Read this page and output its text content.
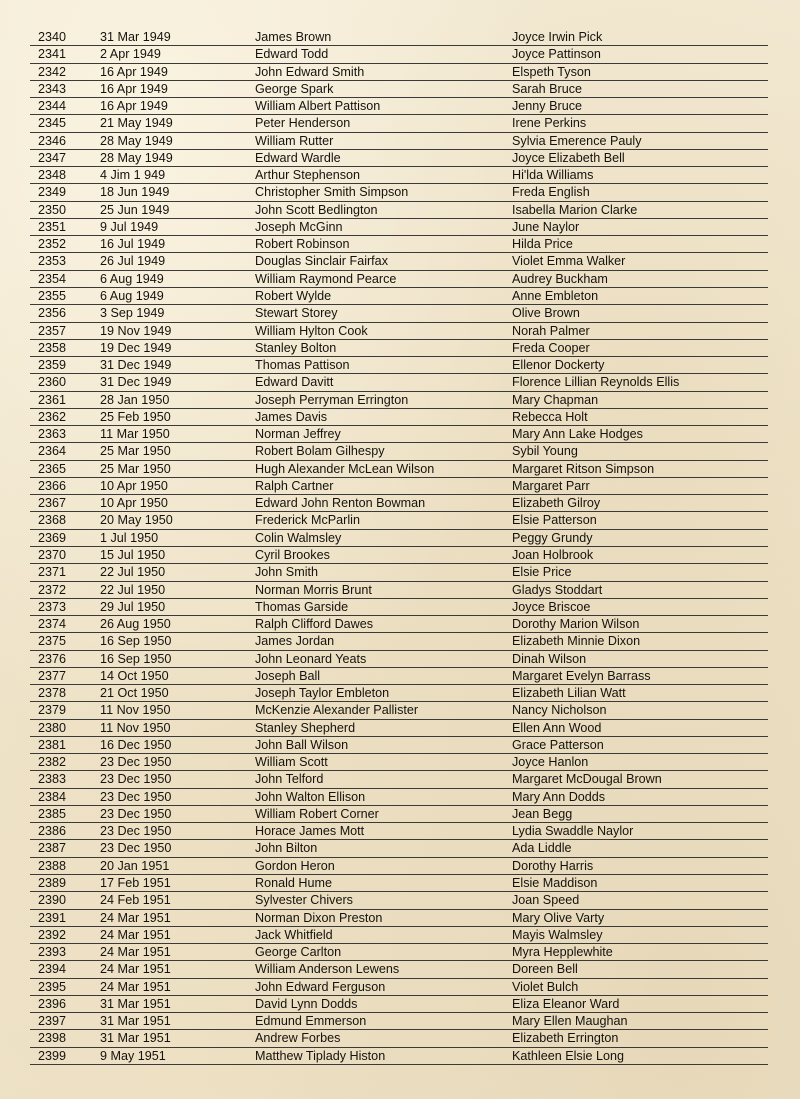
2340	31 Mar 1949	James Brown	Joyce Irwin Pick
2341	2 Apr 1949	Edward Todd	Joyce Pattinson
2342	16 Apr 1949	John Edward Smith	Elspeth Tyson
2343	16 Apr 1949	George Spark	Sarah Bruce
2344	16 Apr 1949	William Albert Pattison	Jenny Bruce
2345	21 May 1949	Peter Henderson	Irene Perkins
2346	28 May 1949	William Rutter	Sylvia Emerence Pauly
2347	28 May 1949	Edward Wardle	Joyce Elizabeth Bell
2348	4 Jim 1 949	Arthur Stephenson	Hi'lda Williams
2349	18 Jun 1949	Christopher Smith Simpson	Freda English
2350	25 Jun 1949	John Scott Bedlington	Isabella Marion Clarke
2351	9 Jul 1949	Joseph McGinn	June Naylor
2352	16 Jul 1949	Robert Robinson	Hilda Price
2353	26 Jul 1949	Douglas Sinclair Fairfax	Violet Emma Walker
2354	6 Aug 1949	William Raymond Pearce	Audrey Buckham
2355	6 Aug 1949	Robert Wylde	Anne Embleton
2356	3 Sep 1949	Stewart Storey	Olive Brown
2357	19 Nov 1949	William Hylton Cook	Norah Palmer
2358	19 Dec 1949	Stanley Bolton	Freda Cooper
2359	31 Dec 1949	Thomas Pattison	Ellenor Dockerty
2360	31 Dec 1949	Edward Davitt	Florence Lillian Reynolds Ellis
2361	28 Jan 1950	Joseph Perryman Errington	Mary Chapman
2362	25 Feb 1950	James Davis	Rebecca Holt
2363	11 Mar 1950	Norman Jeffrey	Mary Ann Lake Hodges
2364	25 Mar 1950	Robert Bolam Gilhespy	Sybil Young
2365	25 Mar 1950	Hugh Alexander McLean Wilson	Margaret Ritson Simpson
2366	10 Apr 1950	Ralph Cartner	Margaret Parr
2367	10 Apr 1950	Edward John Renton Bowman	Elizabeth Gilroy
2368	20 May 1950	Frederick McParlin	Elsie Patterson
2369	1 Jul 1950	Colin Walmsley	Peggy Grundy
2370	15 Jul 1950	Cyril Brookes	Joan Holbrook
2371	22 Jul 1950	John Smith	Elsie Price
2372	22 Jul 1950	Norman Morris Brunt	Gladys Stoddart
2373	29 Jul 1950	Thomas Garside	Joyce Briscoe
2374	26 Aug 1950	Ralph Clifford Dawes	Dorothy Marion Wilson
2375	16 Sep 1950	James Jordan	Elizabeth Minnie Dixon
2376	16 Sep 1950	John Leonard Yeats	Dinah Wilson
2377	14 Oct 1950	Joseph Ball	Margaret Evelyn Barrass
2378	21 Oct 1950	Joseph Taylor Embleton	Elizabeth Lilian Watt
2379	11 Nov 1950	McKenzie Alexander Pallister	Nancy Nicholson
2380	11 Nov 1950	Stanley Shepherd	Ellen Ann Wood
2381	16 Dec 1950	John Ball Wilson	Grace Patterson
2382	23 Dec 1950	William Scott	Joyce Hanlon
2383	23 Dec 1950	John Telford	Margaret McDougal Brown
2384	23 Dec 1950	John Walton Ellison	Mary Ann Dodds
2385	23 Dec 1950	William Robert Corner	Jean Begg
2386	23 Dec 1950	Horace James Mott	Lydia Swaddle Naylor
2387	23 Dec 1950	John Bilton	Ada Liddle
2388	20 Jan 1951	Gordon Heron	Dorothy Harris
2389	17 Feb 1951	Ronald Hume	Elsie Maddison
2390	24 Feb 1951	Sylvester Chivers	Joan Speed
2391	24 Mar 1951	Norman Dixon Preston	Mary Olive Varty
2392	24 Mar 1951	Jack Whitfield	Mayis Walmsley
2393	24 Mar 1951	George Carlton	Myra Hepplewhite
2394	24 Mar 1951	William Anderson Lewens	Doreen Bell
2395	24 Mar 1951	John Edward Ferguson	Violet Bulch
2396	31 Mar 1951	David Lynn Dodds	Eliza Eleanor Ward
2397	31 Mar 1951	Edmund Emmerson	Mary Ellen Maughan
2398	31 Mar 1951	Andrew Forbes	Elizabeth Errington
2399	9 May 1951	Matthew Tiplady Histon	Kathleen Elsie Long
